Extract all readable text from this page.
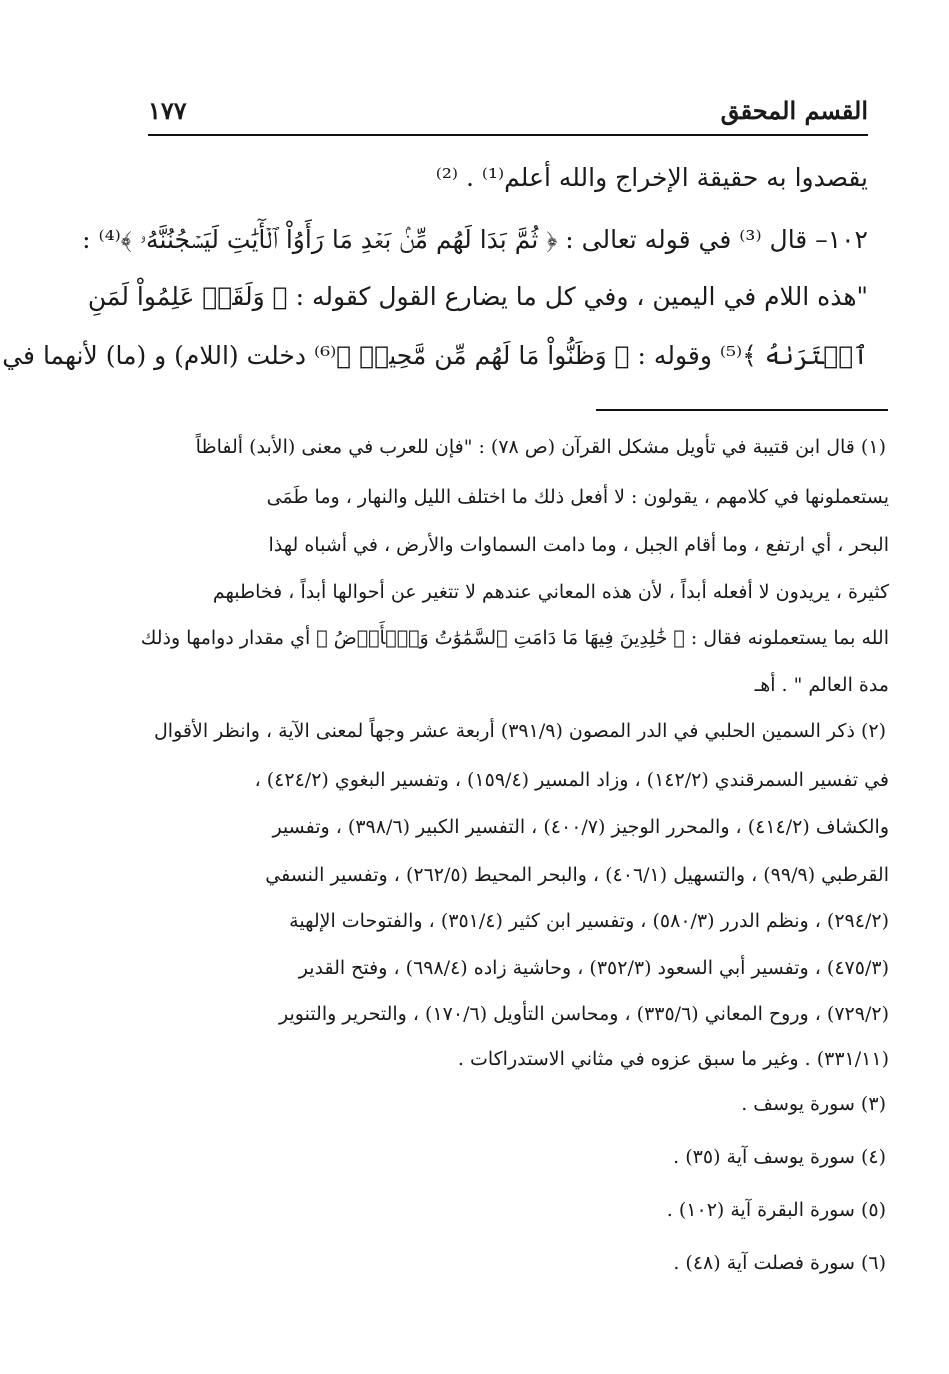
القسم المحقق
١٧٧
يقصدوا به حقيقة الإخراج والله أعلم⁽¹⁾ . ⁽²⁾
١٠٢– قال ⁽³⁾ في قوله تعالى : ﴿ ثُمَّ بَدَا لَهُم مِّنۢ بَعۡدِ مَا رَأَوُاْ ٱلۡأٓيَٰتِ لَيَسۡجُنُنَّهُۥ ﴾⁽⁴⁾ :
"هذه اللام في اليمين ، وفي كل ما يضارع القول كقوله : ﴿ وَلَقَدۡ عَلِمُواْ لَمَنِ
ٱشۡتَرَىٰهُ ﴾⁽⁵⁾ وقوله : ﴿ وَظَنُّواْ مَا لَهُم مِّن مَّحِيصٖ ﴾⁽⁶⁾ دخلت (اللام) و (ما) لأنهما في
(١) قال ابن قتيبة في تأويل مشكل القرآن (ص ٧٨) : "فإن للعرب في معنى (الأبد) ألفاظاً
يستعملونها في كلامهم ، يقولون : لا أفعل ذلك ما اختلف الليل والنهار ، وما طَمَى
البحر ، أي ارتفع ، وما أقام الجبل ، وما دامت السماوات والأرض ، في أشباه لهذا
كثيرة ، يريدون لا أفعله أبداً ، لأن هذه المعاني عندهم لا تتغير عن أحوالها أبداً ، فخاطبهم
الله بما يستعملونه فقال : ﴿ خَٰلِدِينَ فِيهَا مَا دَامَتِ ٱلسَّمَٰوَٰتُ وَٱلۡأَرۡضُ ﴾ أي مقدار دوامها وذلك
مدة العالم " . أهـ
(٢) ذكر السمين الحلبي في الدر المصون (٣٩١/٩) أربعة عشر وجهاً لمعنى الآية ، وانظر الأقوال
في تفسير السمرقندي (١٤٢/٢) ، وزاد المسير (١٥٩/٤) ، وتفسير البغوي (٤٢٤/٢) ،
والكشاف (٤١٤/٢) ، والمحرر الوجيز (٤٠٠/٧) ، التفسير الكبير (٣٩٨/٦) ، وتفسير
القرطبي (٩٩/٩) ، والتسهيل (٤٠٦/١) ، والبحر المحيط (٢٦٢/٥) ، وتفسير النسفي
(٢٩٤/٢) ، ونظم الدرر (٥٨٠/٣) ، وتفسير ابن كثير (٣٥١/٤) ، والفتوحات الإلهية
(٤٧٥/٣) ، وتفسير أبي السعود (٣٥٢/٣) ، وحاشية زاده (٦٩٨/٤) ، وفتح القدير
(٧٢٩/٢) ، وروح المعاني (٣٣٥/٦) ، ومحاسن التأويل (١٧٠/٦) ، والتحرير والتنوير
(٣٣١/١١) . وغير ما سبق عزوه في مثاني الاستدراكات .
(٣) سورة يوسف .
(٤) سورة يوسف آية (٣٥) .
(٥) سورة البقرة آية (١٠٢) .
(٦) سورة فصلت آية (٤٨) .
